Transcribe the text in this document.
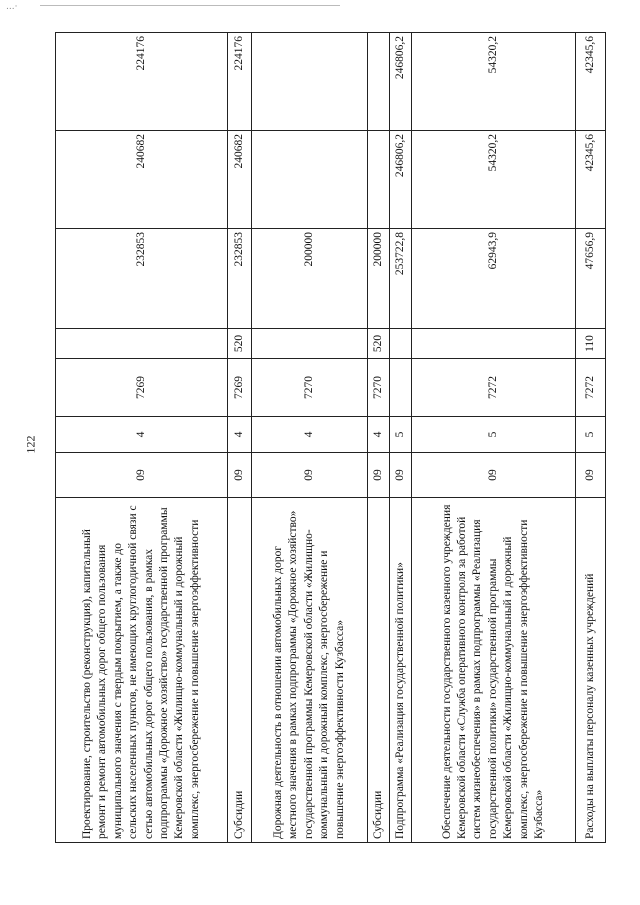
...·
122
Проектирование, строительство (реконструкция), капитальный ремонт и ремонт автомобильных дорог общего пользования муниципального значения с твердым покрытием, а также до сельских населенных пунктов, не имеющих круглогодичной связи с сетью автомобильных дорог общего пользования, в рамках подпрограммы «Дорожное хозяйство» государственной программы Кемеровской области «Жилищно-коммунальный и дорожный комплекс, энергосбережение и повышение энергоэффективности	09	4	7269		232853	240682	224176
Субсидии	09	4	7269	520	232853	240682	224176
Дорожная деятельность в отношении автомобильных дорог местного значения в рамках подпрограммы «Дорожное хозяйство» государственной программы Кемеровской области «Жилищно-коммунальный и дорожный комплекс, энергосбережение и повышение энергоэффективности Кузбасса»	09	4	7270		200000		
Субсидии	09	4	7270	520	200000		
Подпрограмма «Реализация государственной политики»	09	5			253722,8	246806,2	246806,2
Обеспечение деятельности государственного казенного учреждения Кемеровской области «Служба оперативного контроля за работой систем жизнеобеспечения» в рамках подпрограммы «Реализация государственной политики» государственной программы Кемеровской области «Жилищно-коммунальный и дорожный комплекс, энергосбережение и повышение энергоэффективности Кузбасса»	09	5	7272		62943,9	54320,2	54320,2
Расходы на выплаты персоналу казенных учреждений	09	5	7272	110	47656,9	42345,6	42345,6
